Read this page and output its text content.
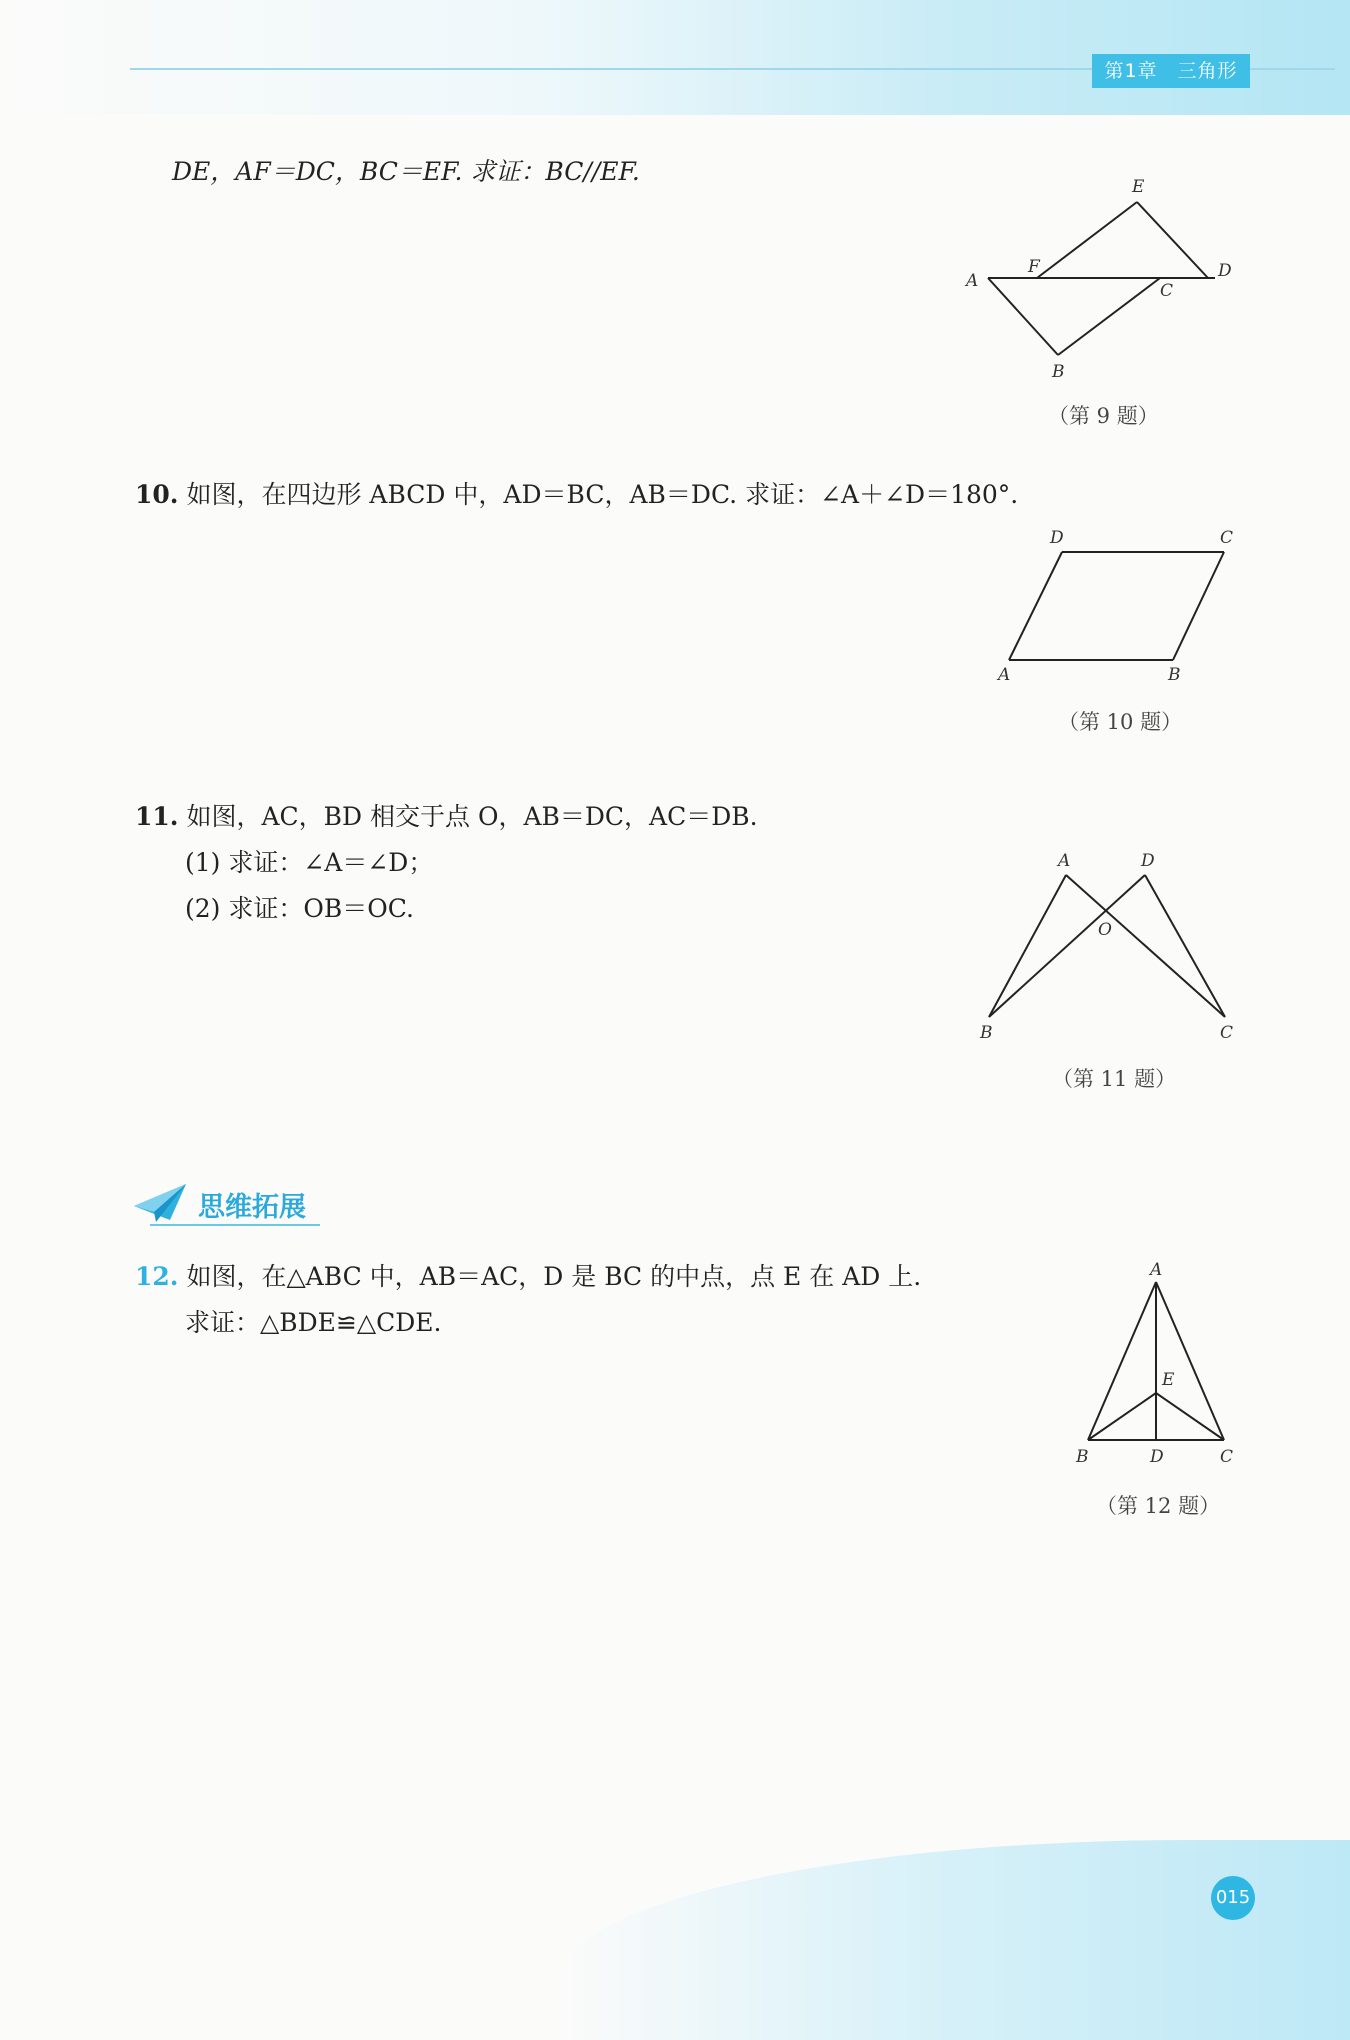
第1章　三角形
DE，AF＝DC，BC＝EF. 求证：BC//EF.
A
B
C
D
E
F
（第 9 题）
10. 如图，在四边形 ABCD 中，AD＝BC，AB＝DC. 求证：∠A＋∠D＝180°.
A	B
C
D
（第 10 题）
11. 如图，AC，BD 相交于点 O，AB＝DC，AC＝DB.
(1) 求证：∠A＝∠D；
(2) 求证：OB＝OC.
A	D
O
B	C
（第 11 题）
思维拓展
12. 如图，在△ABC 中，AB＝AC，D 是 BC 的中点，点 E 在 AD 上.
求证：△BDE≌△CDE.
A
E
B	D	C
（第 12 题）
015
